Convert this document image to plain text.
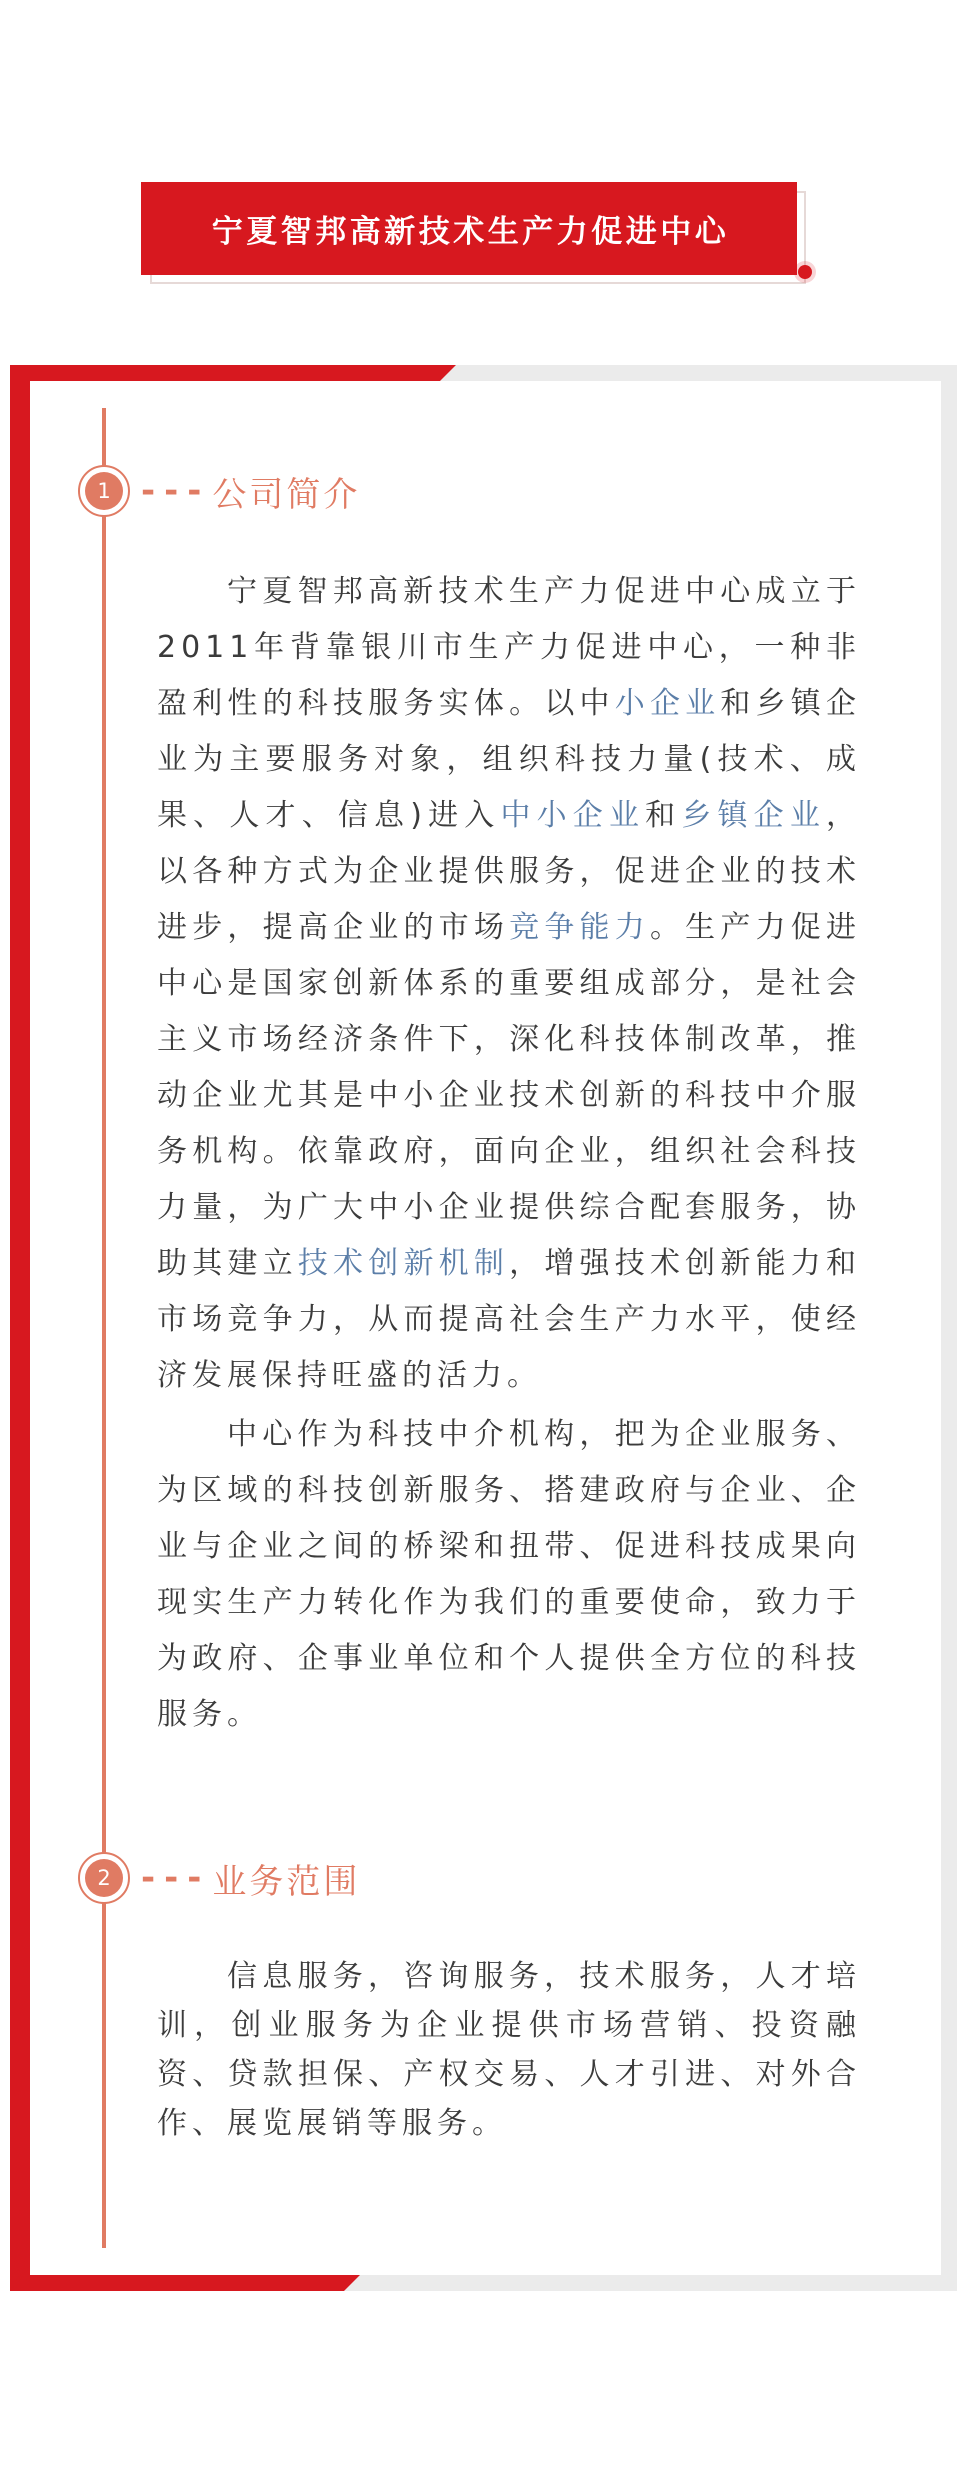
宁夏智邦高新技术生产力促进中心
1 --- 公司简介

宁夏智邦高新技术生产力促进中心成立于2011年背靠银川市生产力促进中心，一种非盈利性的科技服务实体。以中小企业和乡镇企业为主要服务对象，组织科技力量(技术、成果、人才、信息)进入中小企业和乡镇企业，以各种方式为企业提供服务，促进企业的技术进步，提高企业的市场竞争能力。生产力促进中心是国家创新体系的重要组成部分，是社会主义市场经济条件下，深化科技体制改革，推动企业尤其是中小企业技术创新的科技中介服务机构。依靠政府，面向企业，组织社会科技力量，为广大中小企业提供综合配套服务，协助其建立技术创新机制，增强技术创新能力和市场竞争力，从而提高社会生产力水平，使经济发展保持旺盛的活力。

中心作为科技中介机构，把为企业服务、为区域的科技创新服务、搭建政府与企业、企业与企业之间的桥梁和扭带、促进科技成果向现实生产力转化作为我们的重要使命，致力于为政府、企事业单位和个人提供全方位的科技服务。

2 --- 业务范围

信息服务，咨询服务，技术服务，人才培训，创业服务为企业提供市场营销、投资融资、贷款担保、产权交易、人才引进、对外合作、展览展销等服务。
